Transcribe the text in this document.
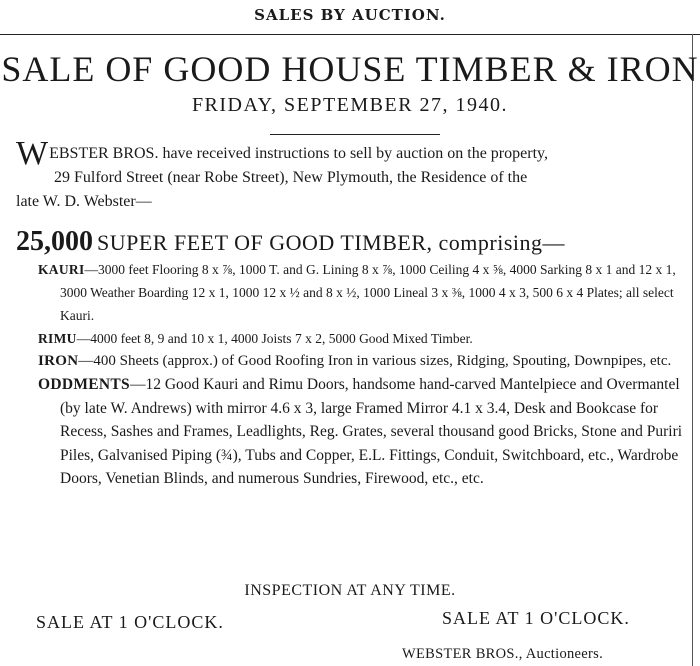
SALES BY AUCTION.
SALE OF GOOD HOUSE TIMBER & IRON
FRIDAY, SEPTEMBER 27, 1940.
WEBSTER BROS. have received instructions to sell by auction on the property,
29 Fulford Street (near Robe Street), New Plymouth, the Residence of the
late W. D. Webster—
25,000 SUPER FEET OF GOOD TIMBER, comprising—

KAURI—3000 feet Flooring 8 x ⅞, 1000 T. and G. Lining 8 x ⅞, 1000 Ceiling 4 x ⅝, 4000 Sarking 8 x 1 and 12 x 1, 3000 Weather Boarding 12 x 1, 1000 12 x ½ and 8 x ½, 1000 Lineal 3 x ⅜, 1000 4 x 3, 500 6 x 4 Plates; all select Kauri.

RIMU—4000 feet 8, 9 and 10 x 1, 4000 Joists 7 x 2, 5000 Good Mixed Timber.

IRON—400 Sheets (approx.) of Good Roofing Iron in various sizes, Ridging, Spouting, Downpipes, etc.

ODDMENTS—12 Good Kauri and Rimu Doors, handsome hand-carved Mantelpiece and Overmantel (by late W. Andrews) with mirror 4.6 x 3, large Framed Mirror 4.1 x 3.4, Desk and Bookcase for Recess, Sashes and Frames, Leadlights, Reg. Grates, several thousand good Bricks, Stone and Puriri Piles, Galvanised Piping (¾), Tubs and Copper, E.L. Fittings, Conduit, Switchboard, etc., Wardrobe Doors, Venetian Blinds, and numerous Sundries, Firewood, etc., etc.

INSPECTION AT ANY TIME.
SALE AT 1 O'CLOCK.	SALE AT 1 O'CLOCK.
WEBSTER BROS., Auctioneers.
